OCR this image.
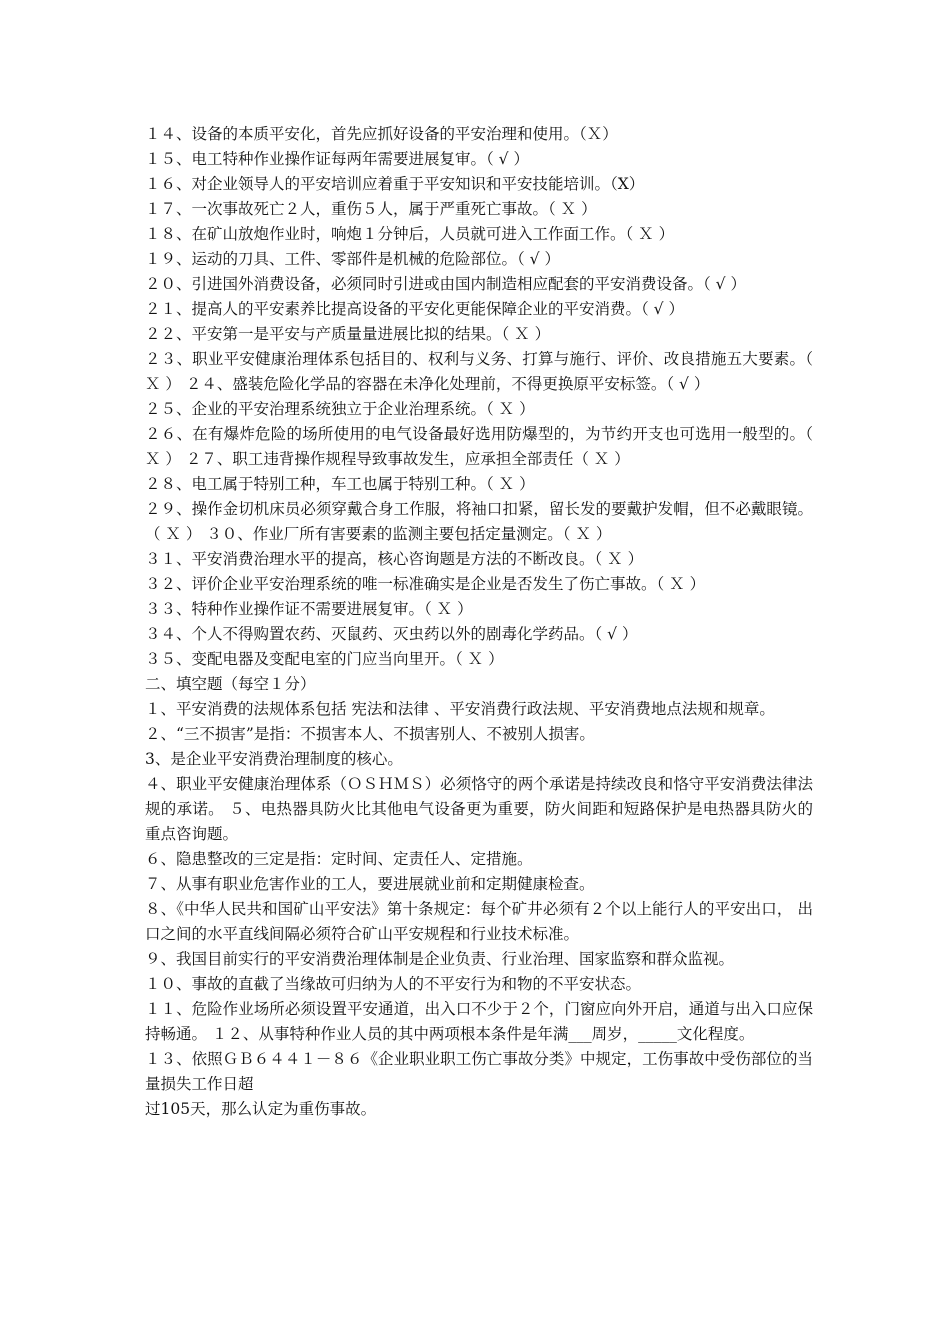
１４、设备的本质平安化，首先应抓好设备的平安治理和使用。（Ｘ）
１５、电工特种作业操作证每两年需要进展复审。（ √ ）
１６、对企业领导人的平安培训应着重于平安知识和平安技能培训。（X）
１７、一次事故死亡２人，重伤５人，属于严重死亡事故。（ Ｘ ）
１８、在矿山放炮作业时，响炮１分钟后，人员就可进入工作面工作。（ Ｘ ）
１９、运动的刀具、工件、零部件是机械的危险部位。（ √ ）
２０、引进国外消费设备，必须同时引进或由国内制造相应配套的平安消费设备。（ √ ）
２１、提高人的平安素养比提高设备的平安化更能保障企业的平安消费。（ √ ）
２２、平安第一是平安与产质量量进展比拟的结果。（ Ｘ ）
２３、职业平安健康治理体系包括目的、权利与义务、打算与施行、评价、改良措施五大要素。（ Ｘ ） ２４、盛装危险化学品的容器在未净化处理前，不得更换原平安标签。（ √ ）
２５、企业的平安治理系统独立于企业治理系统。（ Ｘ ）
２６、在有爆炸危险的场所使用的电气设备最好选用防爆型的，为节约开支也可选用一般型的。（ Ｘ ） ２７、职工违背操作规程导致事故发生，应承担全部责任（ Ｘ ）
２８、电工属于特别工种，车工也属于特别工种。（ Ｘ ）
２９、操作金切机床员必须穿戴合身工作服，将袖口扣紧，留长发的要戴护发帽，但不必戴眼镜。（ Ｘ ） ３０、作业厂所有害要素的监测主要包括定量测定。（ Ｘ ）
３１、平安消费治理水平的提高，核心咨询题是方法的不断改良。（ Ｘ ）
３２、评价企业平安治理系统的唯一标准确实是企业是否发生了伤亡事故。（ Ｘ ）
３３、特种作业操作证不需要进展复审。（ Ｘ ）
３４、个人不得购置农药、灭鼠药、灭虫药以外的剧毒化学药品。（ √ ）
３５、变配电器及变配电室的门应当向里开。（ Ｘ ）
二、填空题（每空１分）
１、平安消费的法规体系包括 宪法和法律 、平安消费行政法规、平安消费地点法规和规章。
２、“三不损害”是指：不损害本人、不损害别人、不被别人损害。
3、是企业平安消费治理制度的核心。
４、职业平安健康治理体系（ＯＳＨＭＳ）必须恪守的两个承诺是持续改良和恪守平安消费法律法规的承诺。 ５、电热器具防火比其他电气设备更为重要，防火间距和短路保护是电热器具防火的重点咨询题。
６、隐患整改的三定是指：定时间、定责任人、定措施。
７、从事有职业危害作业的工人，要进展就业前和定期健康检查。
８、《中华人民共和国矿山平安法》第十条规定：每个矿井必须有２个以上能行人的平安出口， 出口之间的水平直线间隔必须符合矿山平安规程和行业技术标准。
９、我国目前实行的平安消费治理体制是企业负责、行业治理、国家监察和群众监视。
１０、事故的直截了当缘故可归纳为人的不平安行为和物的不平安状态。
１１、危险作业场所必须设置平安通道，出入口不少于２个，门窗应向外开启，通道与出入口应保持畅通。 １２、从事特种作业人员的其中两项根本条件是年满___周岁，_____文化程度。
１３、依照ＧＢ６４４１－８６《企业职业职工伤亡事故分类》中规定，工伤事故中受伤部位的当量损失工作日超
过105天，那么认定为重伤事故。
